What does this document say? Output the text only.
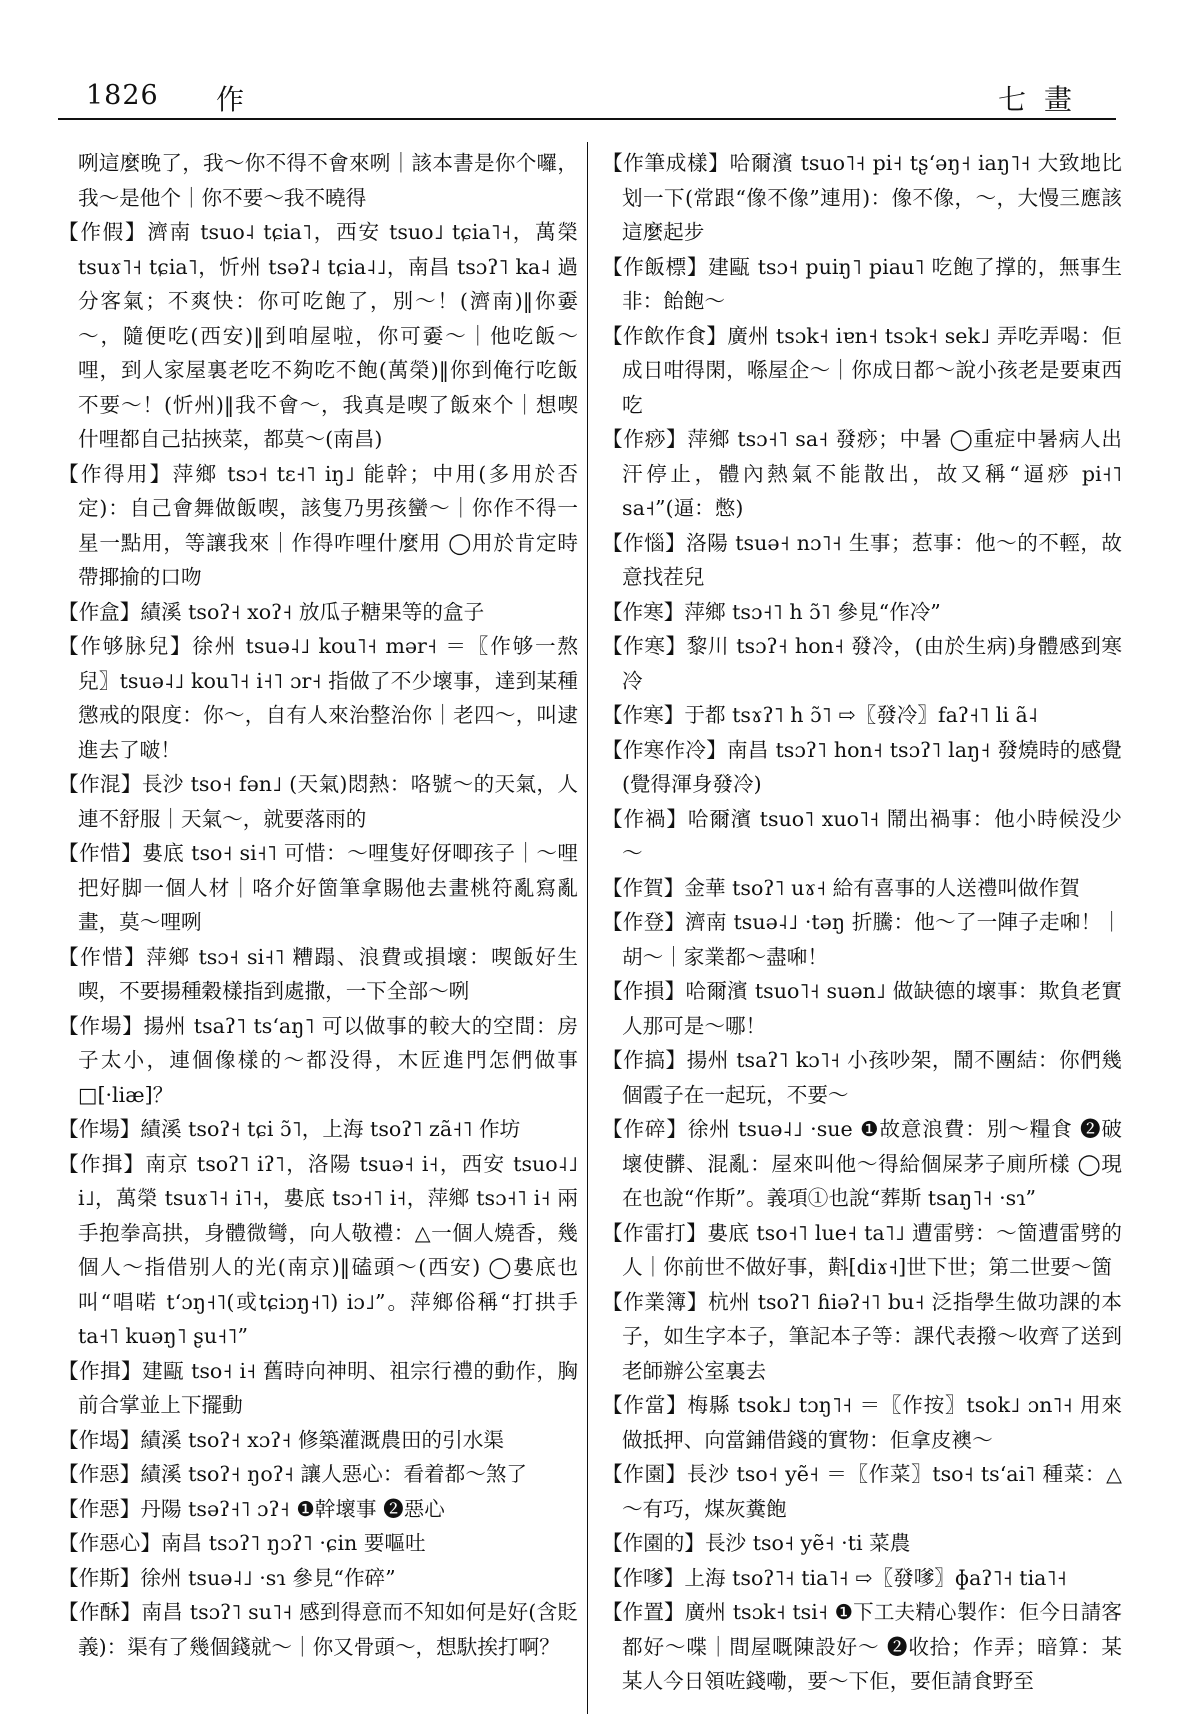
1826 作	七畫

咧這麼晚了，我～你不得不會來咧｜該本書是你个囉，我～是他个｜你不要～我不曉得

【作假】濟南 tsuo˨ tɕia˥，西安 tsuo˩ tɕia˥˧，萬榮 tsuɤ˥˧ tɕia˥，忻州 tsəʔ˨ tɕia˨˩，南昌 tsɔʔ˥ ka˨ 過分客氣；不爽快：你可吃飽了，別～！(濟南)‖你嫑～，隨便吃(西安)‖到咱屋啦，你可嫑～｜他吃飯～哩，到人家屋裏老吃不夠吃不飽(萬榮)‖你到俺行吃飯不要～！(忻州)‖我不會～，我真是喫了飯來个｜想喫什哩都自己拈挾菜，都莫～(南昌)

【作得用】萍鄉 tsɔ˧ tɛ˧˥ iŋ˩ 能幹；中用(多用於否定)：自己會舞做飯喫，該隻乃男孩蠻～｜你作不得一星一點用，等讓我來｜作得咋哩什麼用 ◯用於肯定時帶揶揄的口吻

【作盒】績溪 tsoʔ˧ xoʔ˧ 放瓜子糖果等的盒子

【作够脉兒】徐州 tsuə˨˩ kou˥˧ mər˧ ＝〖作够一熬兒〗tsuə˨˩ kou˥˧ i˧˥ ɔr˧ 指做了不少壞事，達到某種懲戒的限度：你～，自有人來治整治你｜老四～，叫逮進去了啵！

【作混】長沙 tso˧ fən˩ (天氣)悶熱：咯號～的天氣，人連不舒服｜天氣～，就要落雨的

【作惜】婁底 tso˧ si˧˥ 可惜：～哩隻好伢唧孩子｜～哩把好脚一個人材｜咯介好箇筆拿賜他去畫桃符亂寫亂畫，莫～哩咧

【作惜】萍鄉 tsɔ˧ si˧˥ 糟蹋、浪費或損壞：喫飯好生喫，不要揚種穀樣指到處撒，一下全部～咧

【作場】揚州 tsaʔ˥ tsʻaŋ˥ 可以做事的較大的空間：房子太小，連個像樣的～都没得，木匠進門怎們做事□[·liæ]？

【作場】績溪 tsoʔ˧ tɕi ɔ̃˥，上海 tsoʔ˥ zã˧˥ 作坊

【作揖】南京 tsoʔ˥ iʔ˥，洛陽 tsuə˧ i˧，西安 tsuo˨˩ i˩，萬榮 tsuɤ˥˧ i˥˧，婁底 tsɔ˧˥ i˧，萍鄉 tsɔ˧˥ i˧ 兩手抱拳高拱，身體微彎，向人敬禮：△一個人燒香，幾個人～指借别人的光(南京)‖磕頭～(西安) ◯婁底也叫“唱喏 tʻɔŋ˧˥(或tɕiɔŋ˧˥) iɔ˩”。萍鄉俗稱“打拱手 ta˧˥ kuəŋ˥ ʂu˧˥”

【作揖】建甌 tso˧ i˧ 舊時向神明、祖宗行禮的動作，胸前合掌並上下擺動

【作堨】績溪 tsoʔ˧ xɔʔ˧ 修築灌溉農田的引水渠

【作惡】績溪 tsoʔ˧ ŋoʔ˧ 讓人惡心：看着都～煞了

【作惡】丹陽 tsəʔ˧˥ ɔʔ˧ ❶幹壞事 ❷惡心

【作惡心】南昌 tsɔʔ˥ ŋɔʔ˥ ·ɕin 要嘔吐

【作斯】徐州 tsuə˨˩ ·sɿ 參見“作碎”

【作酥】南昌 tsɔʔ˥ su˥˧ 感到得意而不知如何是好(含貶義)：渠有了幾個錢就～｜你又骨頭～，想馱挨打啊？

【作筆成樣】哈爾濱 tsuo˥˧ pi˧ tʂʻəŋ˧ iaŋ˥˧ 大致地比划一下(常跟“像不像”連用)：像不像，～，大慢三應該這麼起步

【作飯標】建甌 tsɔ˧ puiŋ˥ piau˥ 吃飽了撑的，無事生非：飴飽～

【作飲作食】廣州 tsɔk˧ iɐn˧ tsɔk˧ sek˩ 弄吃弄喝：佢成日咁得閑，喺屋企～｜你成日都～說小孩老是要東西吃

【作痧】萍鄉 tsɔ˧˥ sa˧ 發痧；中暑 ◯重症中暑病人出汗停止，體內熱氣不能散出，故又稱“逼痧 pi˧˥ sa˧”(逼：憋)

【作惱】洛陽 tsuə˧ nɔ˥˧ 生事；惹事：他～的不輕，故意找茬兒

【作寒】萍鄉 tsɔ˧˥ h ɔ̃˥ 參見“作冷”

【作寒】黎川 tsɔʔ˧ hon˧ 發冷，(由於生病)身體感到寒冷

【作寒】于都 tsɤʔ˥ h ɔ̃˥ ⇨〖發冷〗faʔ˧˥ li ã˨

【作寒作冷】南昌 tsɔʔ˥ hon˧ tsɔʔ˥ laŋ˧ 發燒時的感覺(覺得渾身發冷)

【作禍】哈爾濱 tsuo˥ xuo˥˧ 鬧出禍事：他小時候没少～

【作賀】金華 tsoʔ˥ uɤ˧ 給有喜事的人送禮叫做作賀

【作登】濟南 tsuə˨˩ ·təŋ 折騰：他～了一陣子走啝！｜胡～｜家業都～盡啝！

【作損】哈爾濱 tsuo˥˧ suən˩ 做缺德的壞事：欺負老實人那可是～哪！

【作搞】揚州 tsaʔ˥ kɔ˥˧ 小孩吵架，鬧不團結：你們幾個霞子在一起玩，不要～

【作碎】徐州 tsuə˨˩ ·sue ❶故意浪費：別～糧食 ❷破壞使髒、混亂：屋來叫他～得給個屎茅子廁所樣 ◯現在也說“作斯”。義項①也說“葬斯 tsaŋ˥˧ ·sɿ”

【作雷打】婁底 tso˧˥ lue˧ ta˥˩ 遭雷劈：～箇遭雷劈的人｜你前世不做好事，斢[diɤ˧]世下世；第二世要～箇

【作業簿】杭州 tsoʔ˥ ɦiəʔ˧˥ bu˧ 泛指學生做功課的本子，如生字本子，筆記本子等：課代表撥～收齊了送到老師辦公室裏去

【作當】梅縣 tsok˩ tɔŋ˥˧ ＝〖作按〗tsok˩ ɔn˥˧ 用來做抵押、向當鋪借錢的實物：佢拿皮襖～

【作園】長沙 tso˧ yẽ˧ ＝〖作菜〗tso˧ tsʻai˥ 種菜：△～有巧，煤灰糞飽

【作園的】長沙 tso˧ yẽ˧ ·ti 菜農

【作嗲】上海 tsoʔ˥˧ tia˥˧ ⇨〖發嗲〗ɸaʔ˥˧ tia˥˧

【作置】廣州 tsɔk˧ tsi˧ ❶下工夫精心製作：佢今日請客都好～喋｜間屋嘅陳設好～ ❷收拾；作弄；暗算：某某人今日領咗錢嘞，要～下佢，要佢請食野至
